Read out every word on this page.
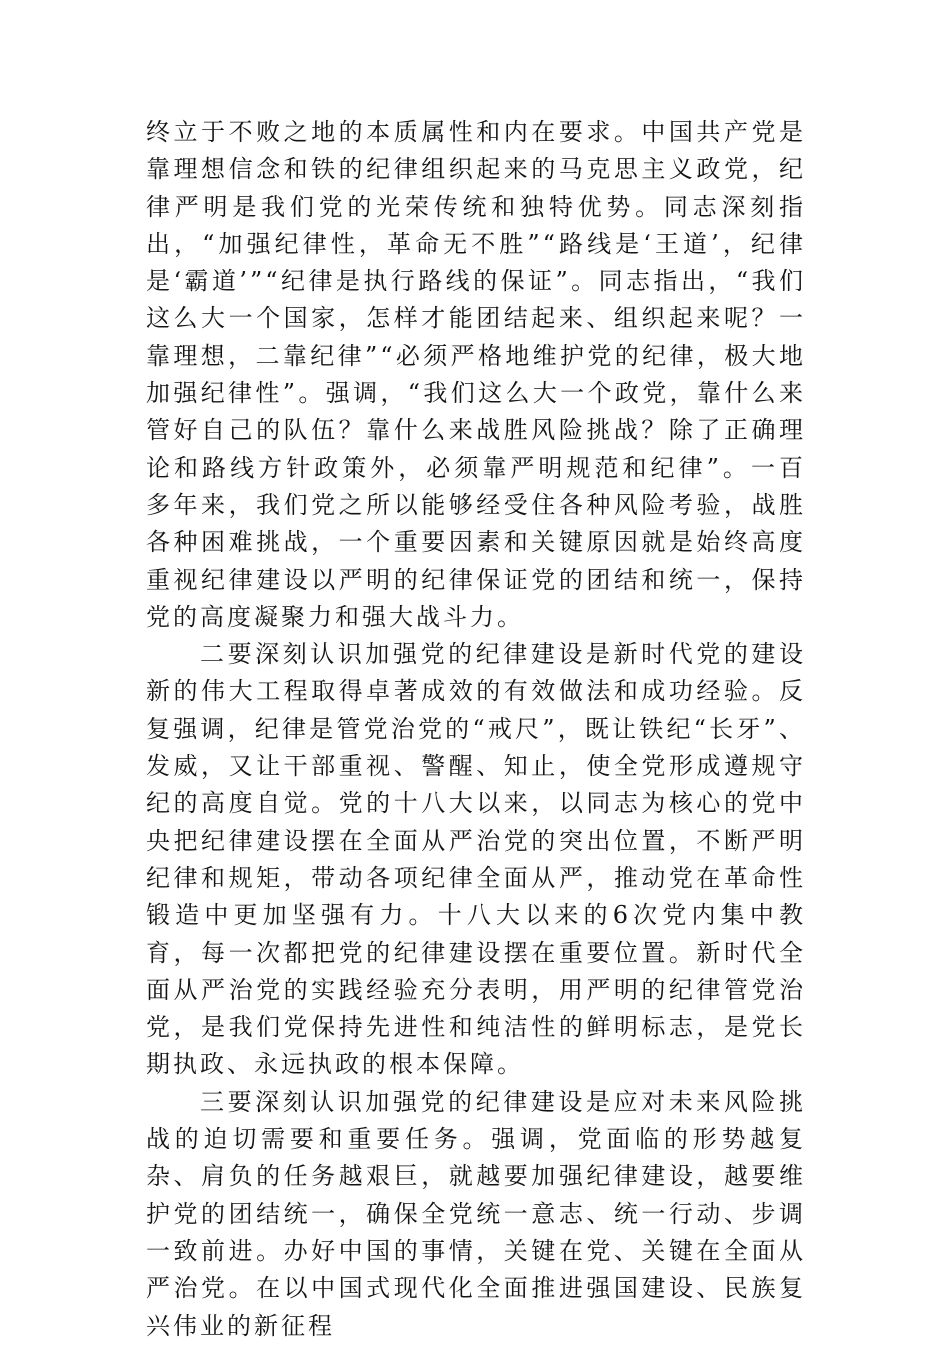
终立于不败之地的本质属性和内在要求。中国共产党是靠理想信念和铁的纪律组织起来的马克思主义政党，纪律严明是我们党的光荣传统和独特优势。同志深刻指出，“加强纪律性，革命无不胜”“路线是‘王道’，纪律是‘霸道’”“纪律是执行路线的保证”。同志指出，“我们这么大一个国家，怎样才能团结起来、组织起来呢？一靠理想，二靠纪律”“必须严格地维护党的纪律，极大地加强纪律性”。强调，“我们这么大一个政党，靠什么来管好自己的队伍？靠什么来战胜风险挑战？除了正确理论和路线方针政策外，必须靠严明规范和纪律”。一百多年来，我们党之所以能够经受住各种风险考验，战胜各种困难挑战，一个重要因素和关键原因就是始终高度重视纪律建设以严明的纪律保证党的团结和统一，保持党的高度凝聚力和强大战斗力。

二要深刻认识加强党的纪律建设是新时代党的建设新的伟大工程取得卓著成效的有效做法和成功经验。反复强调，纪律是管党治党的“戒尺”，既让铁纪“长牙”、发威，又让干部重视、警醒、知止，使全党形成遵规守纪的高度自觉。党的十八大以来，以同志为核心的党中央把纪律建设摆在全面从严治党的突出位置，不断严明纪律和规矩，带动各项纪律全面从严，推动党在革命性锻造中更加坚强有力。十八大以来的6次党内集中教育，每一次都把党的纪律建设摆在重要位置。新时代全面从严治党的实践经验充分表明，用严明的纪律管党治党，是我们党保持先进性和纯洁性的鲜明标志，是党长期执政、永远执政的根本保障。

三要深刻认识加强党的纪律建设是应对未来风险挑战的迫切需要和重要任务。强调，党面临的形势越复杂、肩负的任务越艰巨，就越要加强纪律建设，越要维护党的团结统一，确保全党统一意志、统一行动、步调一致前进。办好中国的事情，关键在党、关键在全面从严治党。在以中国式现代化全面推进强国建设、民族复兴伟业的新征程
